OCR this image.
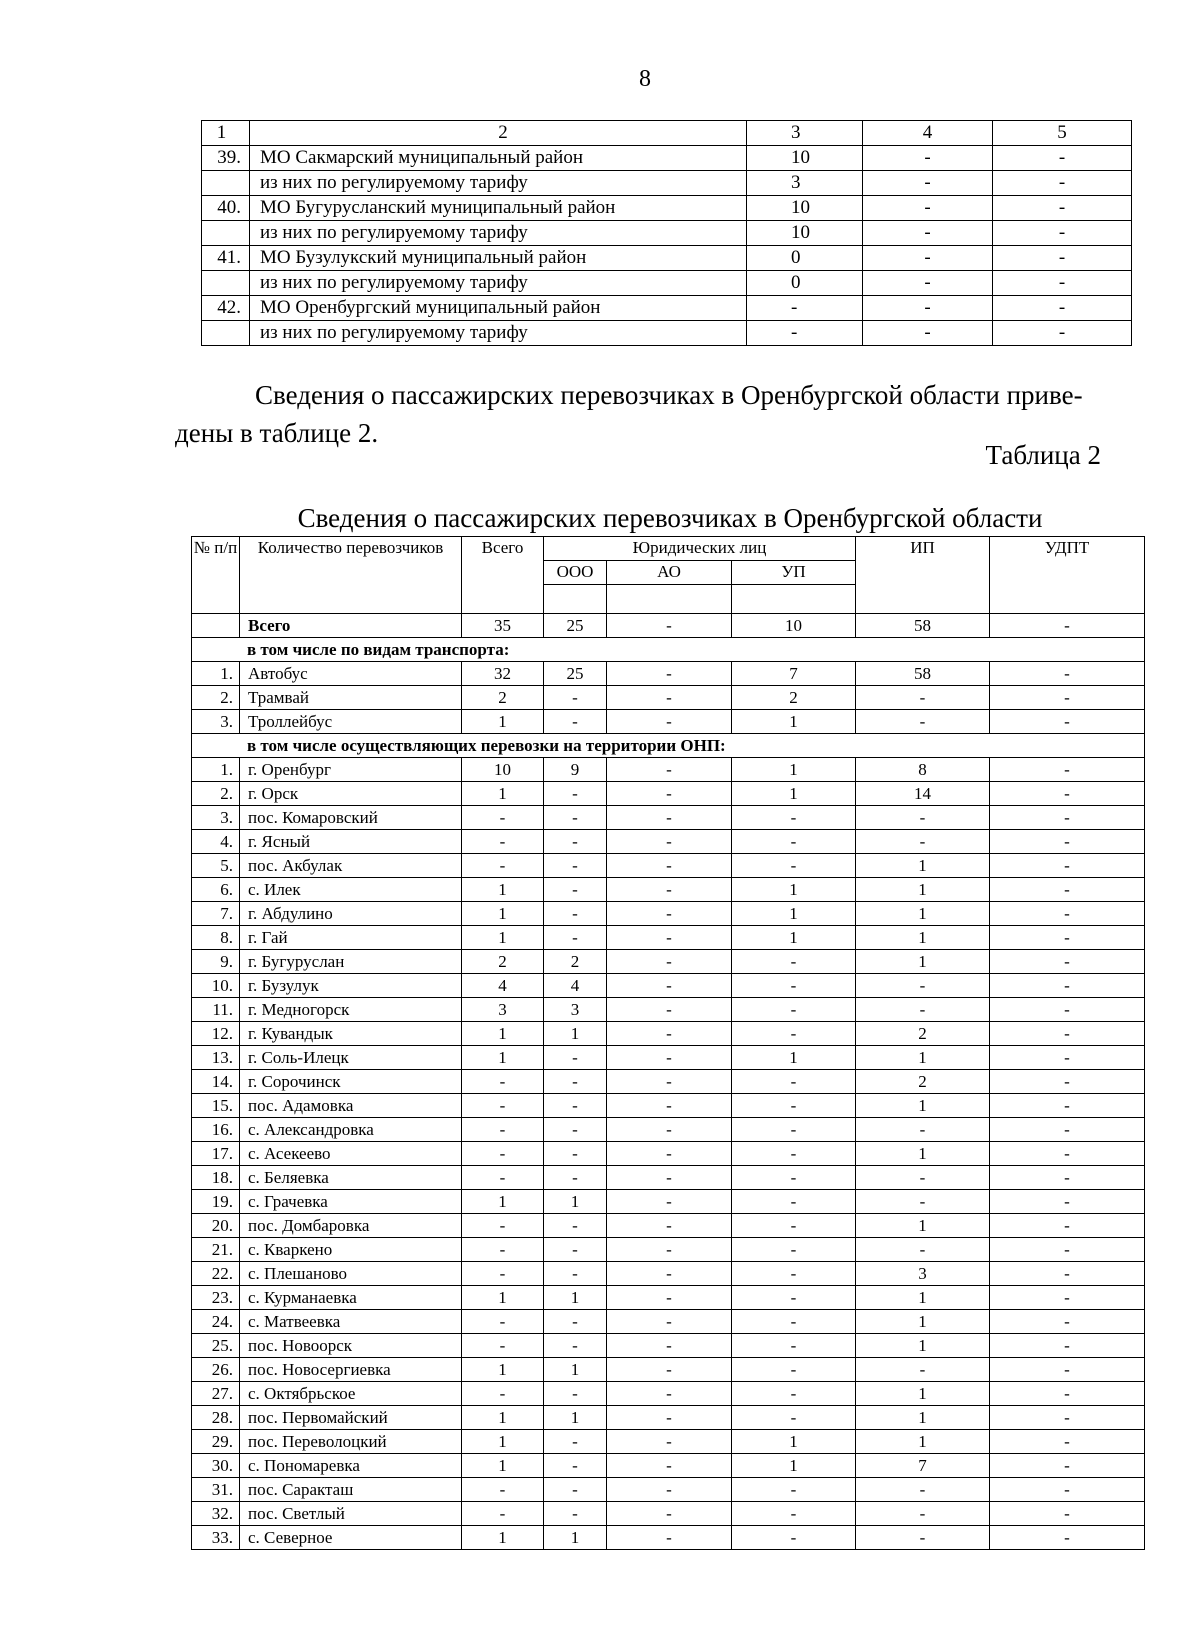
8
1	2	3	4	5
39.	МО Сакмарский муниципальный район	10	-	-
	из них по регулируемому тарифу	3	-	-
40.	МО Бугурусланский муниципальный район	10	-	-
	из них по регулируемому тарифу	10	-	-
41.	МО Бузулукский муниципальный район	0	-	-
	из них по регулируемому тарифу	0	-	-
42.	МО Оренбургский муниципальный район	-	-	-
	из них по регулируемому тарифу	-	-	-
Сведения о пассажирских перевозчиках в Оренбургской области приве-
дены в таблице 2.
Таблица 2
Сведения о пассажирских перевозчиках в Оренбургской области
№ п/п	Количество перевозчиков	Всего	Юридических лиц			ИП	УДПТ
			ООО	АО	УП		

	Всего	35	25	-	10	58	-
в том числе по видам транспорта:							
1.	Автобус	32	25	-	7	58	-
2.	Трамвай	2	-	-	2	-	-
3.	Троллейбус	1	-	-	1	-	-
в том числе осуществляющих перевозки на территории ОНП:							
1.	г. Оренбург	10	9	-	1	8	-
2.	г. Орск	1	-	-	1	14	-
3.	пос. Комаровский	-	-	-	-	-	-
4.	г. Ясный	-	-	-	-	-	-
5.	пос. Акбулак	-	-	-	-	1	-
6.	с. Илек	1	-	-	1	1	-
7.	г. Абдулино	1	-	-	1	1	-
8.	г. Гай	1	-	-	1	1	-
9.	г. Бугуруслан	2	2	-	-	1	-
10.	г. Бузулук	4	4	-	-	-	-
11.	г. Медногорск	3	3	-	-	-	-
12.	г. Кувандык	1	1	-	-	2	-
13.	г. Соль-Илецк	1	-	-	1	1	-
14.	г. Сорочинск	-	-	-	-	2	-
15.	пос. Адамовка	-	-	-	-	1	-
16.	с. Александровка	-	-	-	-	-	-
17.	с. Асекеево	-	-	-	-	1	-
18.	с. Беляевка	-	-	-	-	-	-
19.	с. Грачевка	1	1	-	-	-	-
20.	пос. Домбаровка	-	-	-	-	1	-
21.	с. Кваркено	-	-	-	-	-	-
22.	с. Плешаново	-	-	-	-	3	-
23.	с. Курманаевка	1	1	-	-	1	-
24.	с. Матвеевка	-	-	-	-	1	-
25.	пос. Новоорск	-	-	-	-	1	-
26.	пос. Новосергиевка	1	1	-	-	-	-
27.	с. Октябрьское	-	-	-	-	1	-
28.	пос. Первомайский	1	1	-	-	1	-
29.	пос. Переволоцкий	1	-	-	1	1	-
30.	с. Пономаревка	1	-	-	1	7	-
31.	пос. Саракташ	-	-	-	-	-	-
32.	пос. Светлый	-	-	-	-	-	-
33.	с. Северное	1	1	-	-	-	-
